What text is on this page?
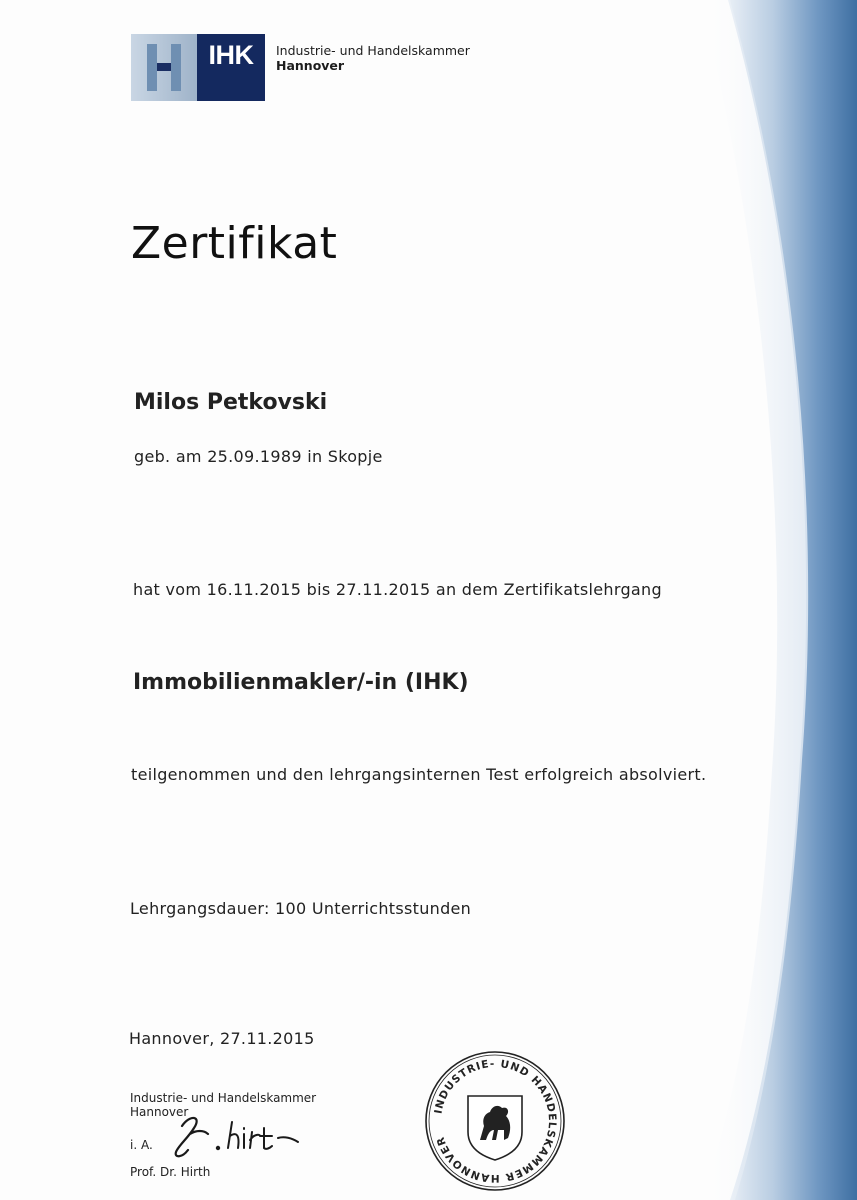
IHK	Industrie- und Handelskammer
Hannover
Zertifikat
Milos Petkovski
geb. am 25.09.1989 in Skopje
hat vom 16.11.2015 bis 27.11.2015 an dem Zertifikatslehrgang
Immobilienmakler/-in (IHK)
teilgenommen und den lehrgangsinternen Test erfolgreich absolviert.
Lehrgangsdauer: 100 Unterrichtsstunden
Hannover, 27.11.2015
Industrie- und Handelskammer
Hannover
i. A.
Prof. Dr. Hirth
INDUSTRIE- UND HANDELSKAMMER HANNOVER
